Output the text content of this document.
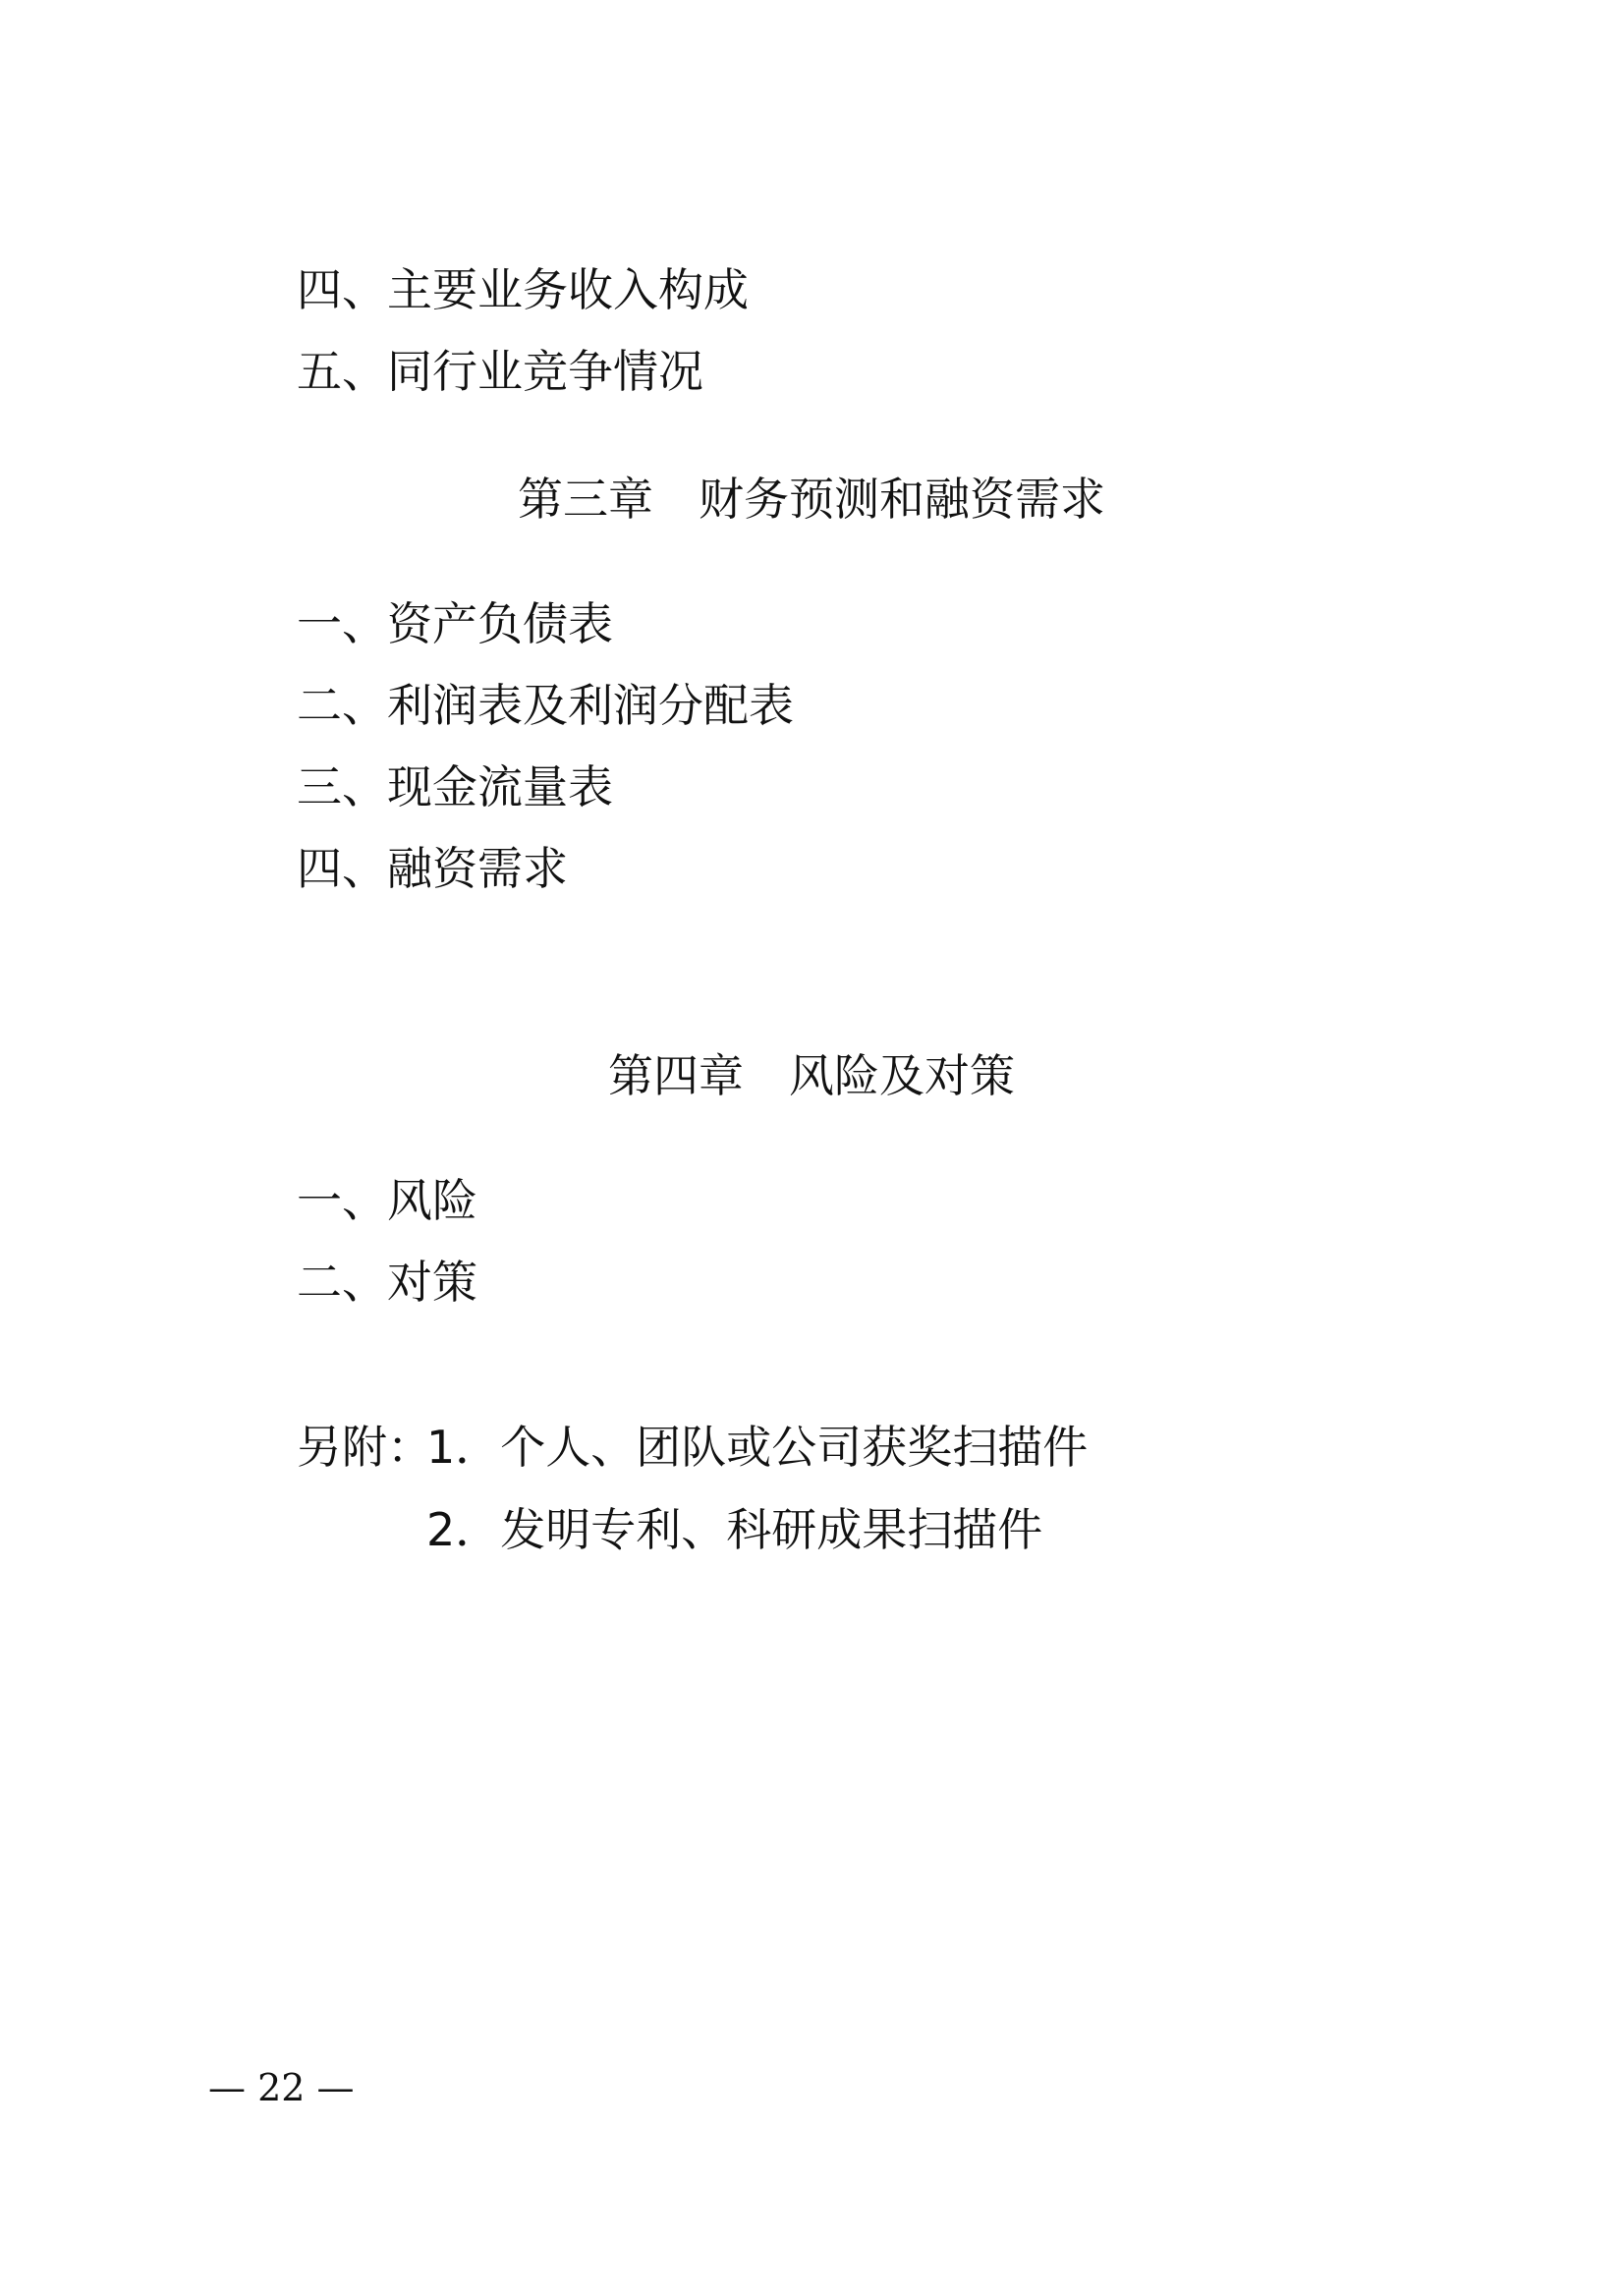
四、主要业务收入构成
五、同行业竞争情况
第三章　财务预测和融资需求
一、资产负债表
二、利润表及利润分配表
三、现金流量表
四、融资需求
第四章　风险及对策
一、风险
二、对策
另附：
1．个人、团队或公司获奖扫描件
2．发明专利、科研成果扫描件
— 22 —
